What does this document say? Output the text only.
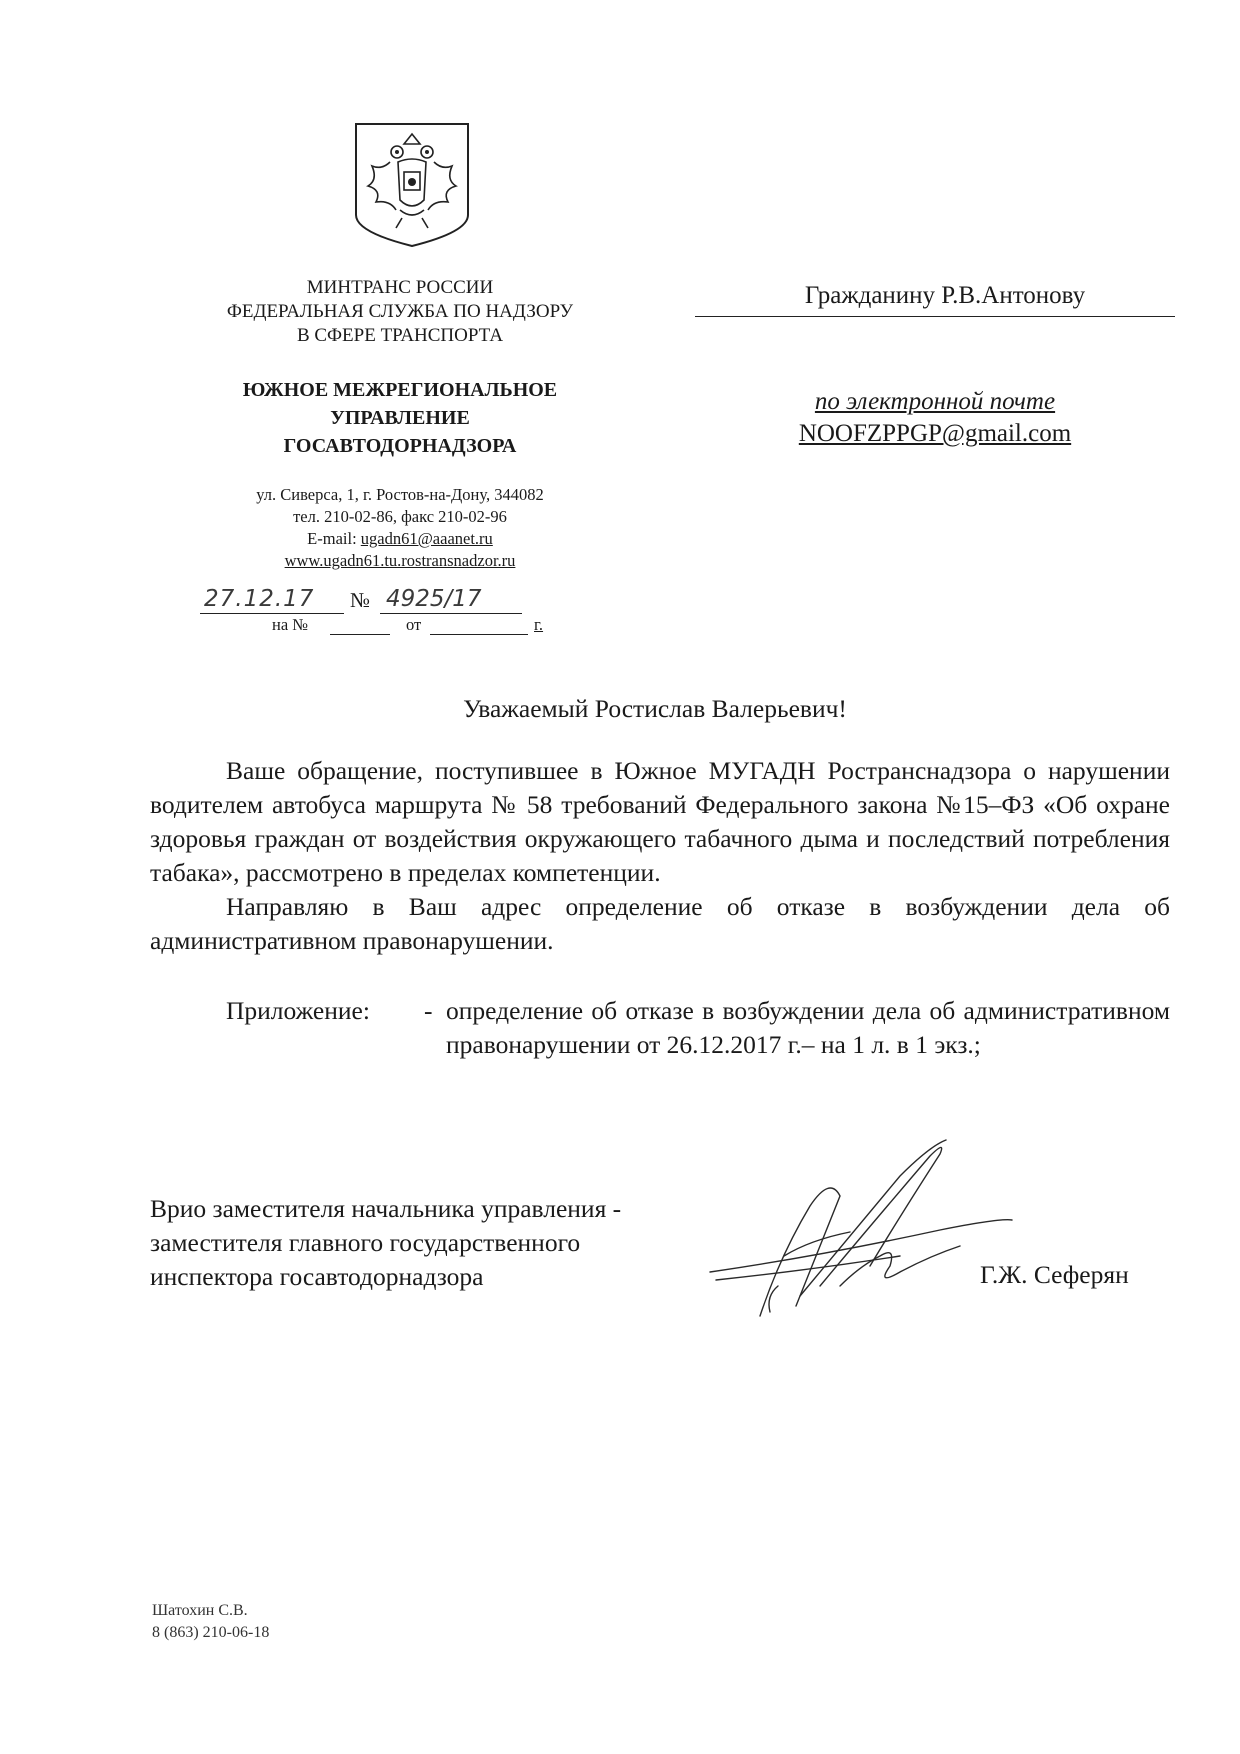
МИНТРАНС РОССИИ
ФЕДЕРАЛЬНАЯ СЛУЖБА ПО НАДЗОРУ
В СФЕРЕ ТРАНСПОРТА
ЮЖНОЕ МЕЖРЕГИОНАЛЬНОЕ
УПРАВЛЕНИЕ
ГОСАВТОДОРНАДЗОРА
ул. Сиверса, 1, г. Ростов-на-Дону, 344082
тел. 210-02-86, факс 210-02-96
E-mail: ugadn61@aaanet.ru
www.ugadn61.tu.rostransnadzor.ru
27.12.17 № 4925/17
на №	от	г.
Гражданину Р.В.Антонову
по электронной почте
NOOFZPPGP@gmail.com
Уважаемый Ростислав Валерьевич!

Ваше обращение, поступившее в Южное МУГАДН Ространснадзора о нарушении водителем автобуса маршрута № 58 требований Федерального закона №15–ФЗ «Об охране здоровья граждан от воздействия окружающего табачного дыма и последствий потребления табака», рассмотрено в пределах компетенции.

Направляю в Ваш адрес определение об отказе в возбуждении дела об административном правонарушении.

Приложение: - определение об отказе в возбуждении дела об административном правонарушении от 26.12.2017 г.– на 1 л. в 1 экз.;
Врио заместителя начальника управления -
заместителя главного государственного
инспектора госавтодорнадзора	Г.Ж. Сеферян
Шатохин С.В.
8 (863) 210-06-18
